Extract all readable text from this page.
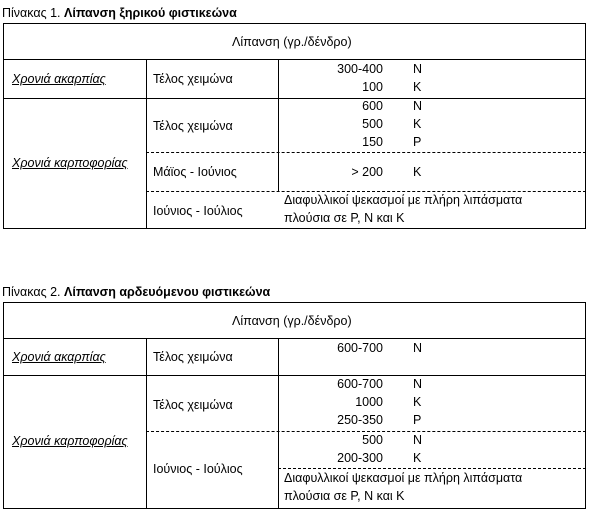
Πίνακας 1. Λίπανση ξηρικού φιστικεώνα
Λίπανση (γρ./δένδρο)
Χρονιά ακαρπίας
Χρονιά καρποφορίας
Τέλος χειμώνα
300-400 N
100 K
Τέλος χειμώνα
600 N
500 K
150 P
Μάϊος - Ιούνιος	> 200 K
Ιούνιος - Ιούλιος
Διαφυλλικοί ψεκασμοί με πλήρη λιπάσματα
πλούσια σε P, N και K
Πίνακας 2. Λίπανση αρδευόμενου φιστικεώνα
Λίπανση (γρ./δένδρο)
Χρονιά ακαρπίας
Χρονιά καρποφορίας
Τέλος χειμώνα
600-700 N
Τέλος χειμώνα
600-700 N
1000 K
250-350 P
Ιούνιος - Ιούλιος
500 N
200-300 K
Διαφυλλικοί ψεκασμοί με πλήρη λιπάσματα
πλούσια σε P, N και K
